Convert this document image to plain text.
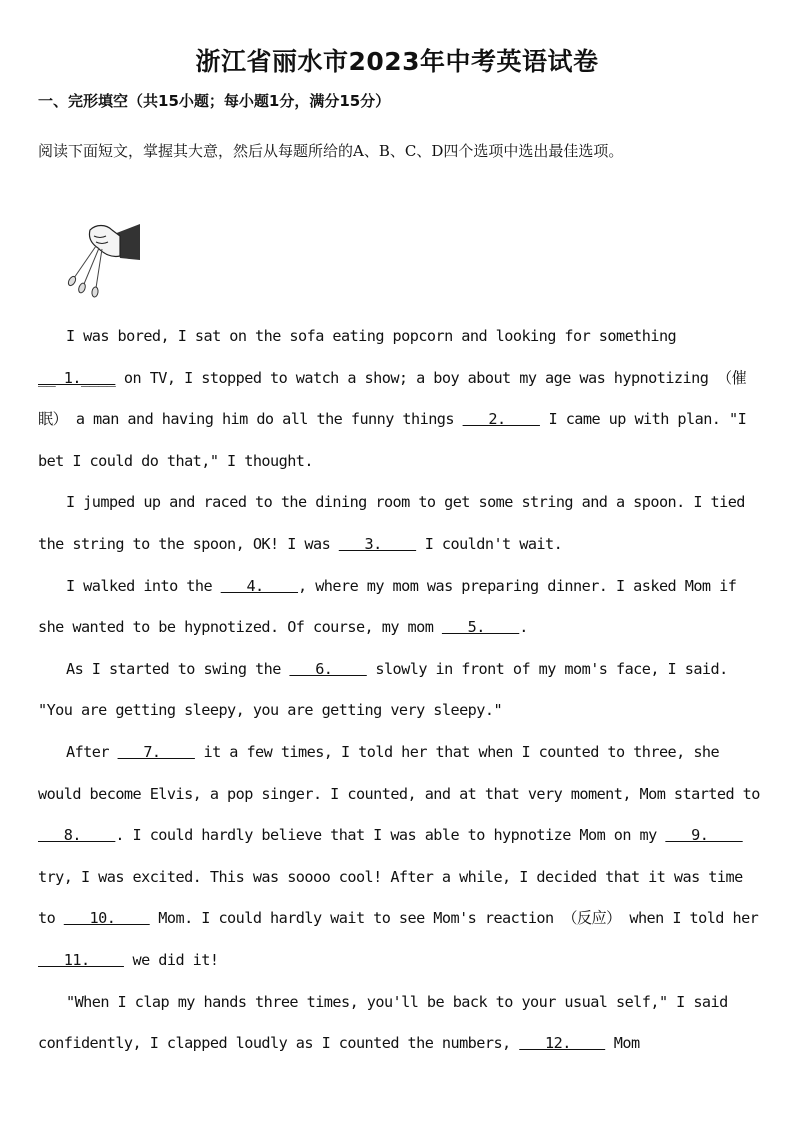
浙江省丽水市2023年中考英语试卷
一、完形填空（共15小题；每小题1分，满分15分）
阅读下面短文，掌握其大意，然后从每题所给的A、B、C、D四个选项中选出最佳选项。

I was bored, I sat on the sofa eating popcorn and looking for something __ 1.____ on TV, I stopped to watch a show; a boy about my age was hypnotizing （催眠） a man and having him do all the funny things    2.     I came up with plan. "I bet I could do that," I thought.

I jumped up and raced to the dining room to get some string and a spoon. I tied the string to the spoon, OK! I was    3.     I couldn't wait.

I walked into the    4.    , where my mom was preparing dinner. I asked Mom if she wanted to be hypnotized. Of course, my mom    5.    .

As I started to swing the    6.     slowly in front of my mom's face, I said. "You are getting sleepy, you are getting very sleepy."

After    7.     it a few times, I told her that when I counted to three, she would become Elvis, a pop singer. I counted, and at that very moment, Mom started to    8.    . I could hardly believe that I was able to hypnotize Mom on my    9.     try, I was excited. This was soooo cool! After a while, I decided that it was time to    10.     Mom. I could hardly wait to see Mom's reaction （反应） when I told her    11.     we did it!

"When I clap my hands three times, you'll be back to your usual self," I said confidently, I clapped loudly as I counted the numbers,    12.     Mom
